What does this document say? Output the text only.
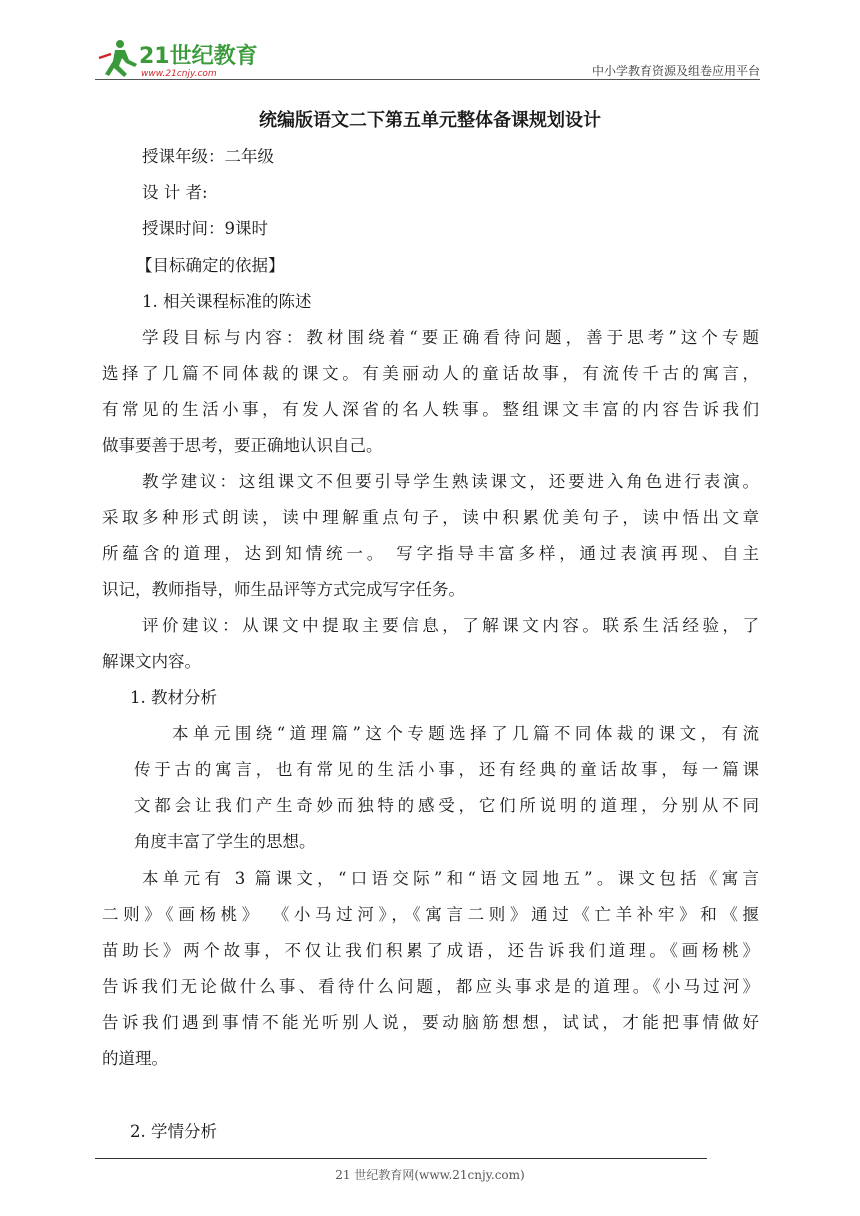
21世纪教育
www.21cnjy.com	中小学教育资源及组卷应用平台
统编版语文二下第五单元整体备课规划设计
授课年级：二年级
设 计 者:
授课时间：9课时
【目标确定的依据】
1. 相关课程标准的陈述
学段目标与内容：教材围绕着“要正确看待问题，善于思考”这个专题
选择了几篇不同体裁的课文。有美丽动人的童话故事，有流传千古的寓言，
有常见的生活小事，有发人深省的名人轶事。整组课文丰富的内容告诉我们
做事要善于思考，要正确地认识自己。
教学建议：这组课文不但要引导学生熟读课文，还要进入角色进行表演。
采取多种形式朗读，读中理解重点句子，读中积累优美句子，读中悟出文章
所蕴含的道理，达到知情统一。 写字指导丰富多样，通过表演再现、自主
识记，教师指导，师生品评等方式完成写字任务。
评价建议：从课文中提取主要信息，了解课文内容。联系生活经验，了
解课文内容。
1. 教材分析
本单元围绕“道理篇”这个专题选择了几篇不同体裁的课文，有流
传于古的寓言，也有常见的生活小事，还有经典的童话故事，每一篇课
文都会让我们产生奇妙而独特的感受，它们所说明的道理，分别从不同
角度丰富了学生的思想。
本单元有 3 篇课文，“口语交际”和“语文园地五”。课文包括《寓言
二则》《画杨桃》 《小马过河》，《寓言二则》通过《亡羊补牢》和《揠
苗助长》两个故事，不仅让我们积累了成语，还告诉我们道理。《画杨桃》
告诉我们无论做什么事、看待什么问题，都应头事求是的道理。《小马过河》
告诉我们遇到事情不能光听别人说，要动脑筋想想，试试，才能把事情做好
的道理。
2. 学情分析
21 世纪教育网(www.21cnjy.com)
